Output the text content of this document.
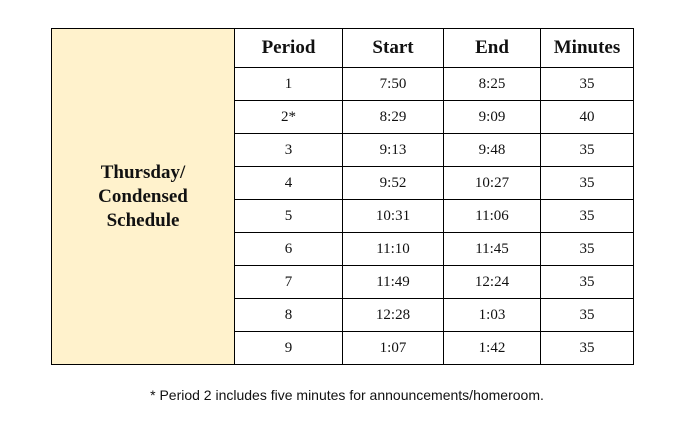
Thursday/
Condensed
Schedule	Period	Start	End	Minutes
	1	7:50	8:25	35
	2*	8:29	9:09	40
	3	9:13	9:48	35
	4	9:52	10:27	35
	5	10:31	11:06	35
	6	11:10	11:45	35
	7	11:49	12:24	35
	8	12:28	1:03	35
	9	1:07	1:42	35
* Period 2 includes five minutes for announcements/homeroom.
